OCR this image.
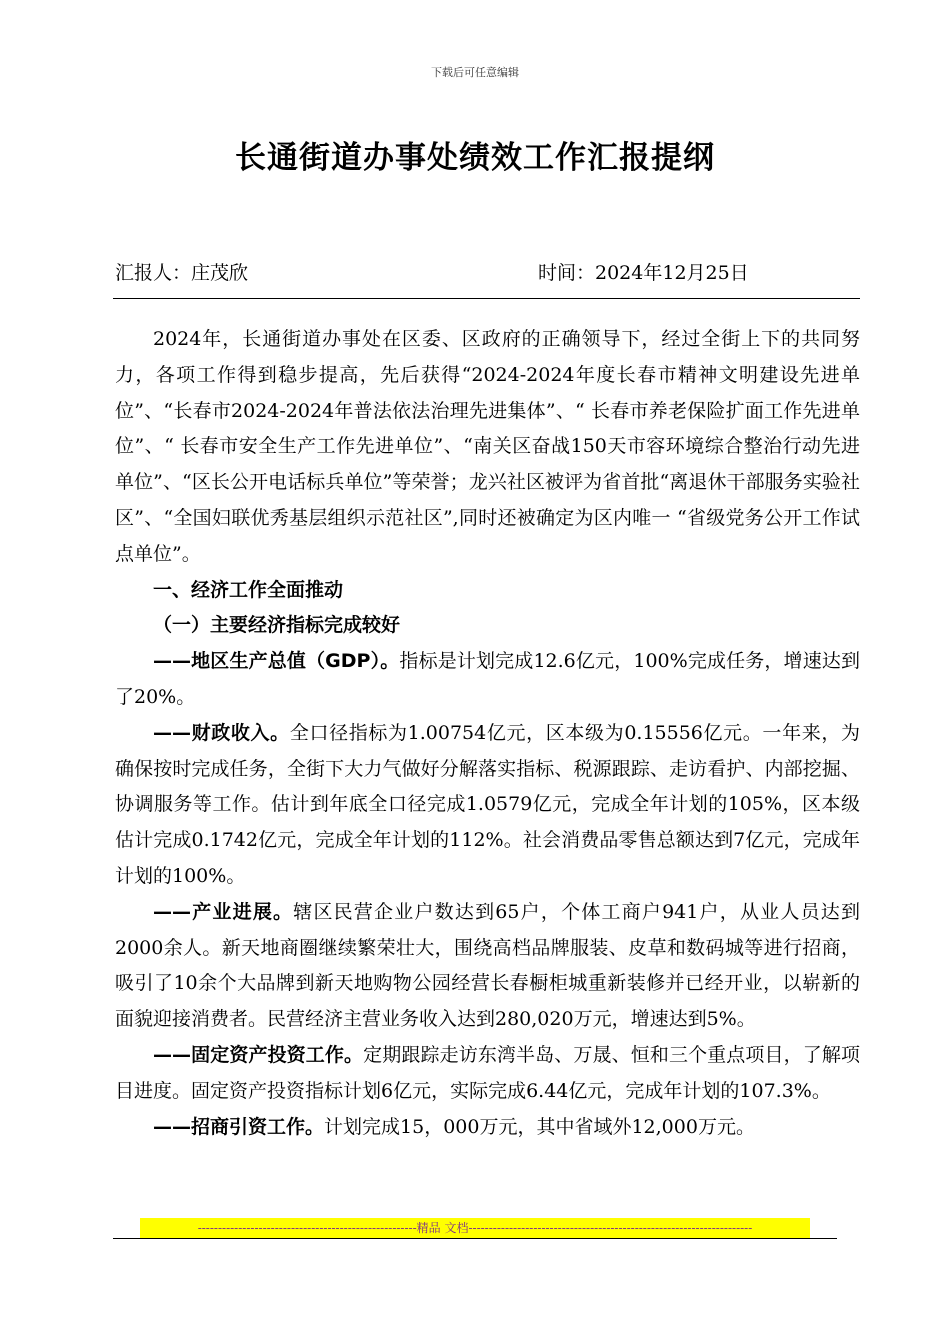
下载后可任意编辑
长通街道办事处绩效工作汇报提纲
汇报人：庄茂欣	时间：2024年12月25日

2024年，长通街道办事处在区委、区政府的正确领导下，经过全街上下的共同努力，各项工作得到稳步提高，先后获得“2024-2024年度长春市精神文明建设先进单位”、“长春市2024-2024年普法依法治理先进集体”、“ 长春市养老保险扩面工作先进单位”、“ 长春市安全生产工作先进单位”、“南关区奋战150天市容环境综合整治行动先进单位”、“区长公开电话标兵单位”等荣誉；龙兴社区被评为省首批“离退休干部服务实验社区”、“全国妇联优秀基层组织示范社区”,同时还被确定为区内唯一 “省级党务公开工作试点单位”。

一、经济工作全面推动

（一）主要经济指标完成较好

——地区生产总值（GDP）。指标是计划完成12.6亿元，100%完成任务，增速达到了20%。

——财政收入。全口径指标为1.00754亿元，区本级为0.15556亿元。一年来，为确保按时完成任务，全街下大力气做好分解落实指标、税源跟踪、走访看护、内部挖掘、协调服务等工作。估计到年底全口径完成1.0579亿元，完成全年计划的105%，区本级估计完成0.1742亿元，完成全年计划的112%。社会消费品零售总额达到7亿元，完成年计划的100%。

——产业进展。辖区民营企业户数达到65户，个体工商户941户，从业人员达到2000余人。新天地商圈继续繁荣壮大，围绕高档品牌服装、皮草和数码城等进行招商，吸引了10余个大品牌到新天地购物公园经营长春橱柜城重新装修并已经开业，以崭新的面貌迎接消费者。民营经济主营业务收入达到280,020万元，增速达到5%。

——固定资产投资工作。定期跟踪走访东湾半岛、万晟、恒和三个重点项目，了解项目进度。固定资产投资指标计划6亿元，实际完成6.44亿元，完成年计划的107.3%。

——招商引资工作。计划完成15，000万元，其中省域外12,000万元。

------------------------------------------------------精品 文档----------------------------------------------------------------------
